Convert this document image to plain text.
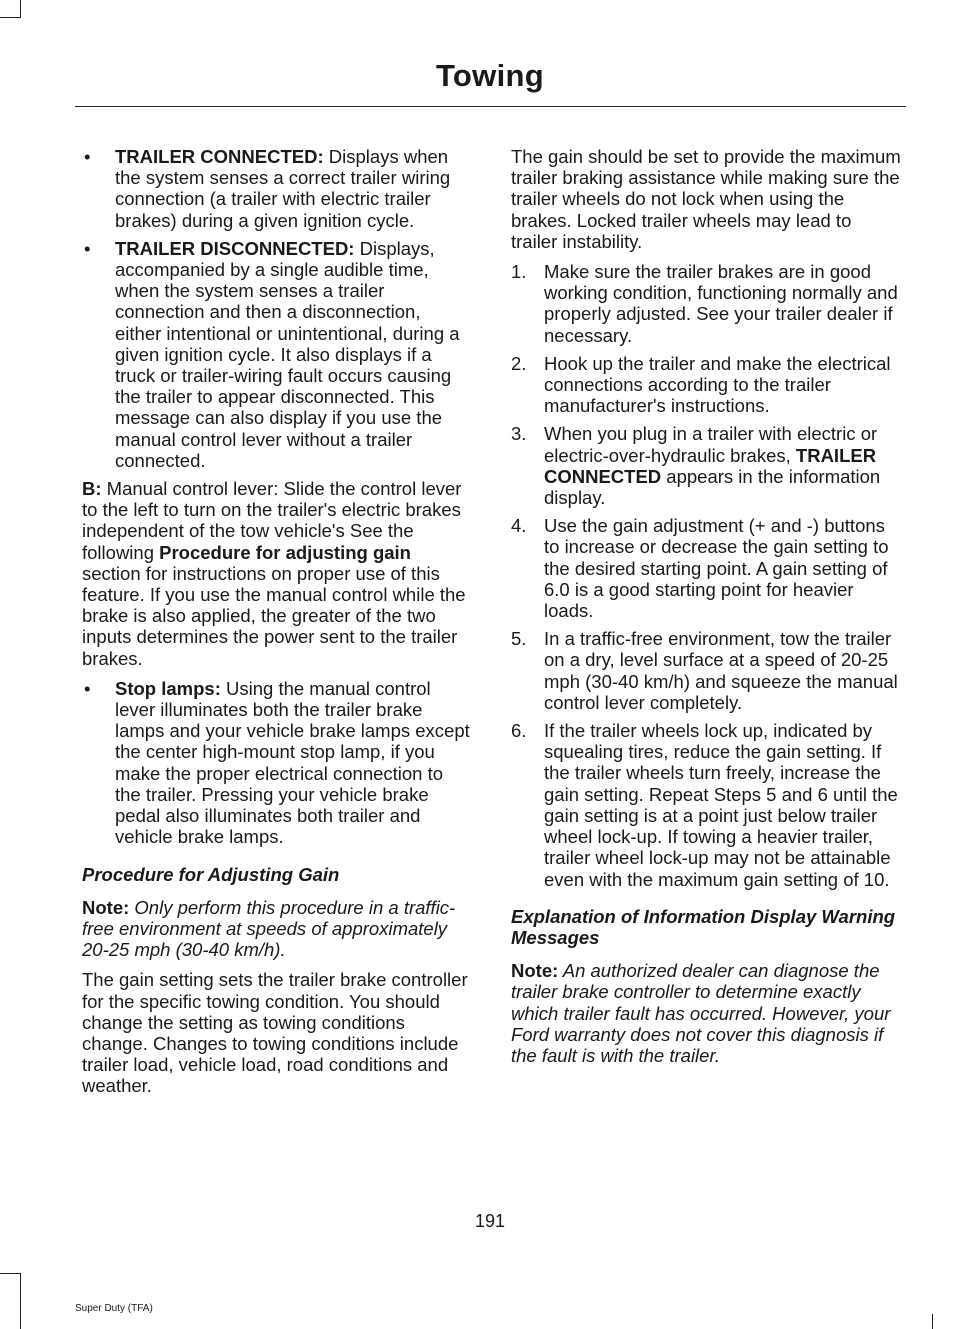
Towing
• TRAILER CONNECTED: Displays when the system senses a correct trailer wiring connection (a trailer with electric trailer brakes) during a given ignition cycle.
• TRAILER DISCONNECTED: Displays, accompanied by a single audible time, when the system senses a trailer connection and then a disconnection, either intentional or unintentional, during a given ignition cycle. It also displays if a truck or trailer-wiring fault occurs causing the trailer to appear disconnected. This message can also display if you use the manual control lever without a trailer connected.

B: Manual control lever: Slide the control lever to the left to turn on the trailer's electric brakes independent of the tow vehicle's See the following Procedure for adjusting gain section for instructions on proper use of this feature. If you use the manual control while the brake is also applied, the greater of the two inputs determines the power sent to the trailer brakes.

• Stop lamps: Using the manual control lever illuminates both the trailer brake lamps and your vehicle brake lamps except the center high-mount stop lamp, if you make the proper electrical connection to the trailer. Pressing your vehicle brake pedal also illuminates both trailer and vehicle brake lamps.
Procedure for Adjusting Gain

Note: Only perform this procedure in a traffic-free environment at speeds of approximately 20-25 mph (30-40 km/h).

The gain setting sets the trailer brake controller for the specific towing condition. You should change the setting as towing conditions change. Changes to towing conditions include trailer load, vehicle load, road conditions and weather.

The gain should be set to provide the maximum trailer braking assistance while making sure the trailer wheels do not lock when using the brakes. Locked trailer wheels may lead to trailer instability.

1. Make sure the trailer brakes are in good working condition, functioning normally and properly adjusted. See your trailer dealer if necessary.
2. Hook up the trailer and make the electrical connections according to the trailer manufacturer's instructions.
3. When you plug in a trailer with electric or electric-over-hydraulic brakes, TRAILER CONNECTED appears in the information display.
4. Use the gain adjustment (+ and -) buttons to increase or decrease the gain setting to the desired starting point. A gain setting of 6.0 is a good starting point for heavier loads.
5. In a traffic-free environment, tow the trailer on a dry, level surface at a speed of 20-25 mph (30-40 km/h) and squeeze the manual control lever completely.
6. If the trailer wheels lock up, indicated by squealing tires, reduce the gain setting. If the trailer wheels turn freely, increase the gain setting. Repeat Steps 5 and 6 until the gain setting is at a point just below trailer wheel lock-up. If towing a heavier trailer, trailer wheel lock-up may not be attainable even with the maximum gain setting of 10.
Explanation of Information Display Warning Messages

Note: An authorized dealer can diagnose the trailer brake controller to determine exactly which trailer fault has occurred. However, your Ford warranty does not cover this diagnosis if the fault is with the trailer.

191
Super Duty (TFA)
